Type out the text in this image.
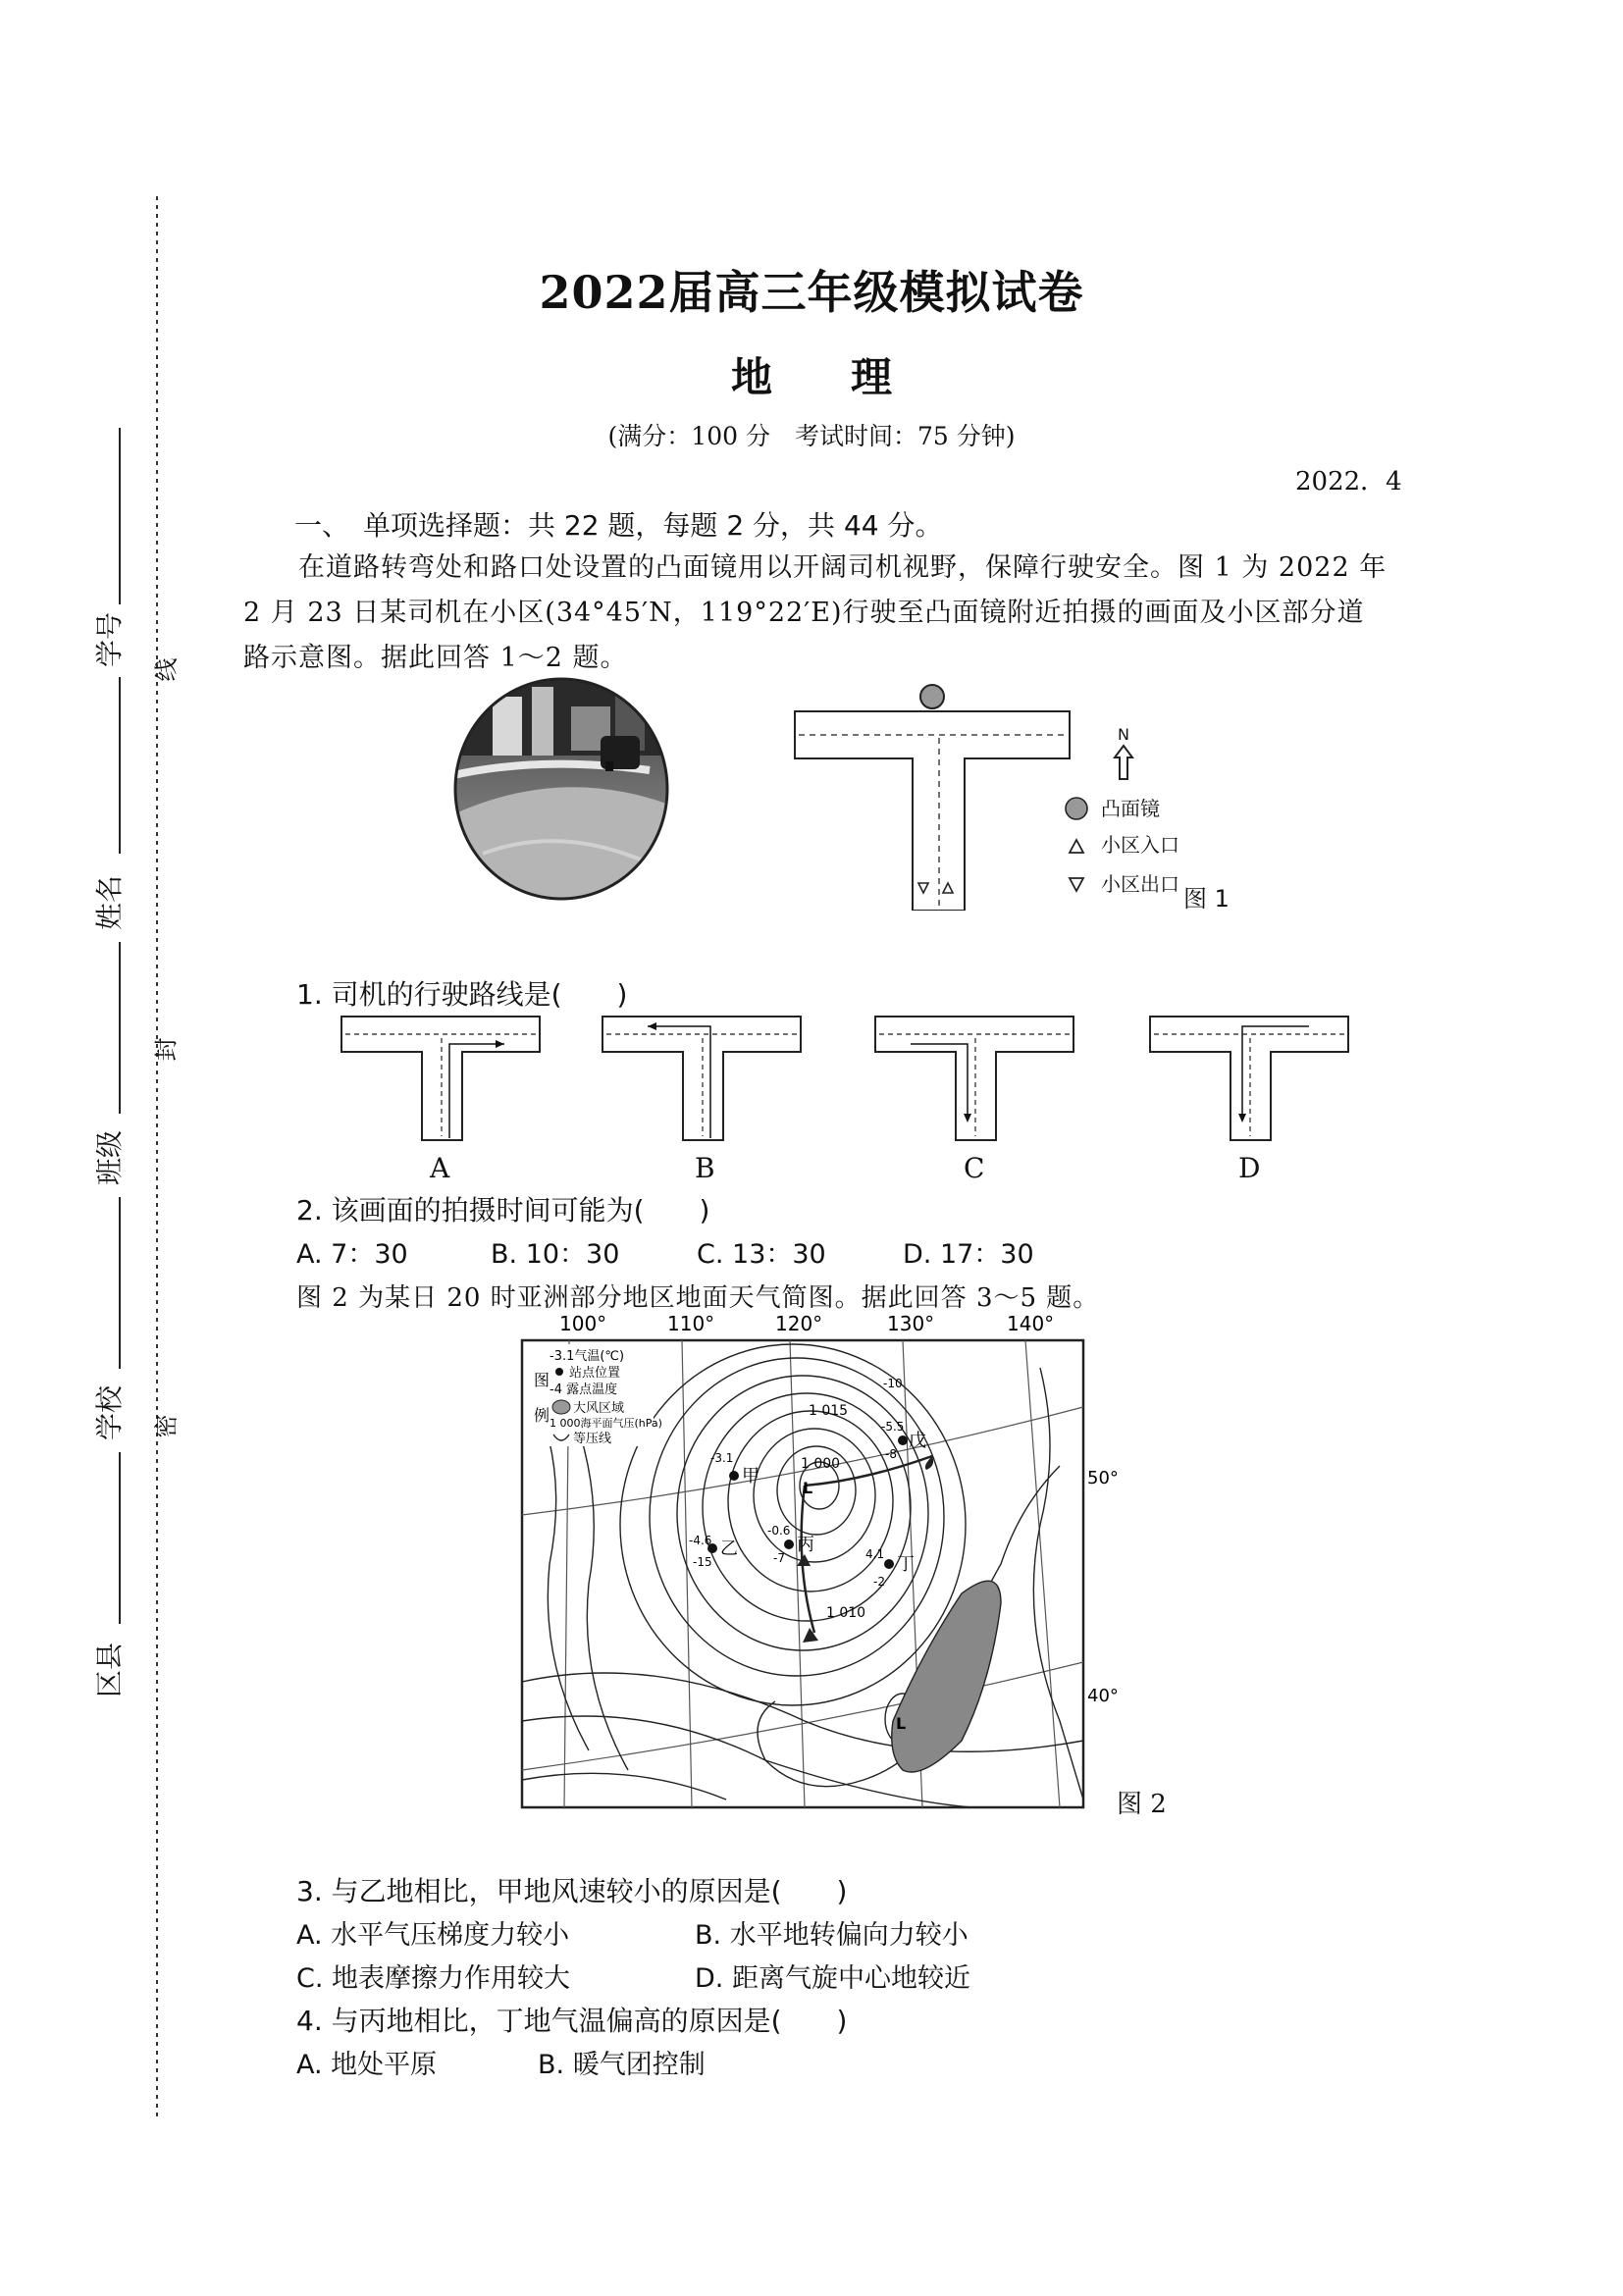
线
封
密
学号
姓名
班级
学校
区县
2022届高三年级模拟试卷
地理
(满分：100 分　考试时间：75 分钟)
2022．4
一、　单项选择题：共 22 题，每题 2 分，共 44 分。
在道路转弯处和路口处设置的凸面镜用以开阔司机视野，保障行驶安全。图 1 为 2022 年 2 月 23 日某司机在小区(34°45′N，119°22′E)行驶至凸面镜附近拍摄的画面及小区部分道路示意图。据此回答 1～2 题。
N
凸面镜
小区入口
小区出口
图 1
1. 司机的行驶路线是(　　)
A	B	C	D
2. 该画面的拍摄时间可能为(　　)
A. 7：30	B. 10：30	C. 13：30	D. 17：30
图 2 为某日 20 时亚洲部分地区地面天气简图。据此回答 3～5 题。
100°	110°	120°	130°	140°
图
例
-3.1气温(℃)
站点位置
-4 露点温度
大风区域
1 000海平面气压(hPa)
等压线
1 015
1 000
1 010
L
L
甲
乙	丙
丁
戊
-3.1
-4.6
-15
-0.6
-7
-5.5
-8
4.1
-2
-10
50°
40°
图 2
3. 与乙地相比，甲地风速较小的原因是(　　)
A. 水平气压梯度力较小	B. 水平地转偏向力较小
C. 地表摩擦力作用较大	D. 距离气旋中心地较近
4. 与丙地相比，丁地气温偏高的原因是(　　)
A. 地处平原	B. 暖气团控制
